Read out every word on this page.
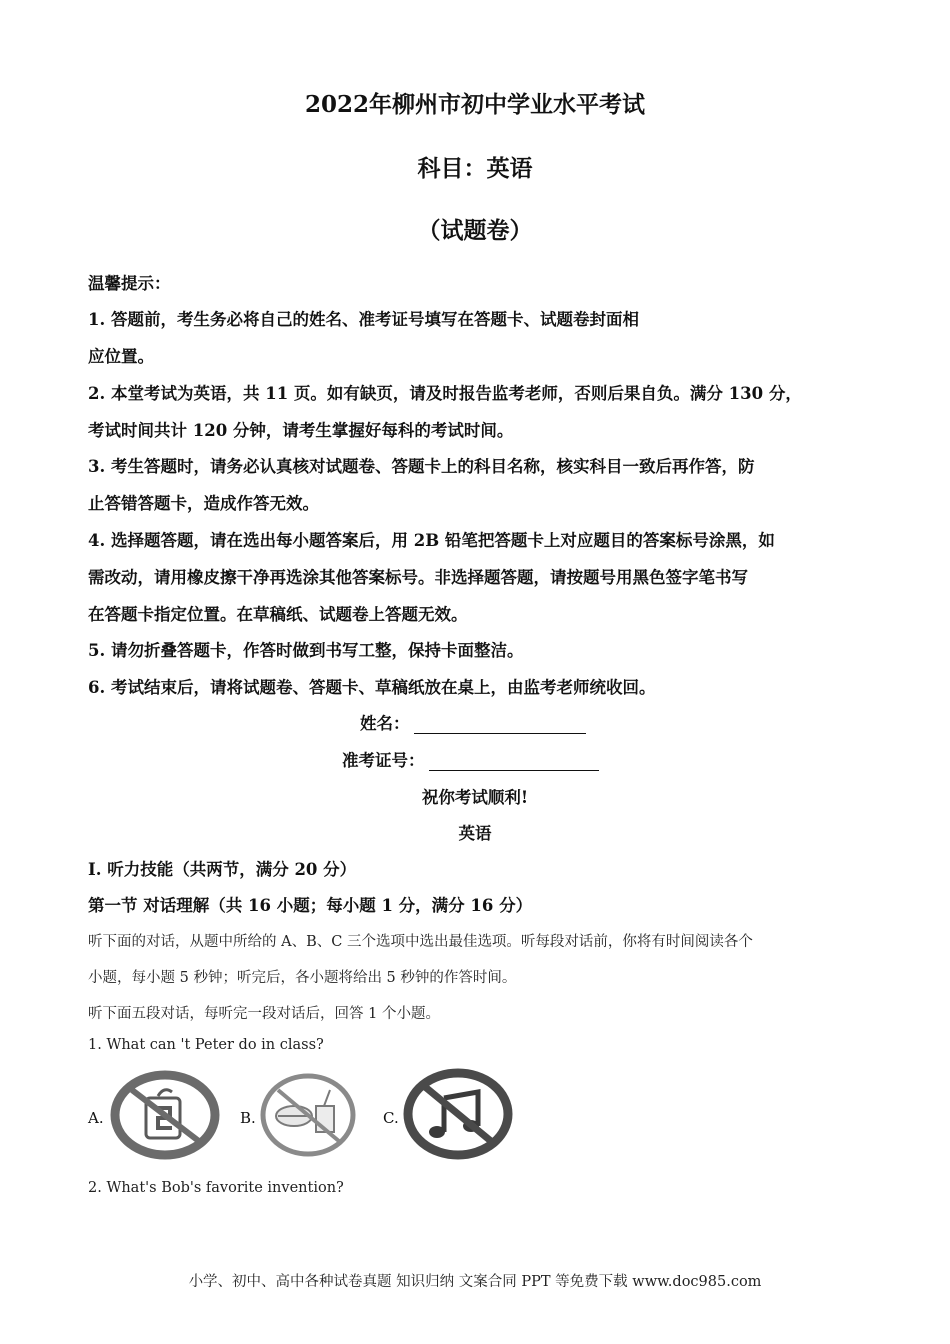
2022年柳州市初中学业水平考试
科目：英语
（试题卷）
温馨提示：
1. 答题前，考生务必将自己的姓名、准考证号填写在答题卡、试题卷封面相
应位置。
2. 本堂考试为英语，共 11 页。如有缺页，请及时报告监考老师，否则后果自负。满分 130 分，
考试时间共计 120 分钟，请考生掌握好每科的考试时间。
3. 考生答题时，请务必认真核对试题卷、答题卡上的科目名称，核实科目一致后再作答，防
止答错答题卡，造成作答无效。
4. 选择题答题，请在选出每小题答案后，用 2B 铅笔把答题卡上对应题目的答案标号涂黑，如
需改动，请用橡皮擦干净再选涂其他答案标号。非选择题答题，请按题号用黑色签字笔书写
在答题卡指定位置。在草稿纸、试题卷上答题无效。
5. 请勿折叠答题卡，作答时做到书写工整，保持卡面整洁。
6. 考试结束后，请将试题卷、答题卡、草稿纸放在桌上，由监考老师统收回。
姓名：
准考证号：
祝你考试顺利!
英语
I. 听力技能（共两节，满分 20 分）
第一节 对话理解（共 16 小题；每小题 1 分，满分 16 分）
听下面的对话，从题中所给的 A、B、C 三个选项中选出最佳选项。听每段对话前，你将有时间阅读各个
小题，每小题 5 秒钟；听完后，各小题将给出 5 秒钟的作答时间。
听下面五段对话，每听完一段对话后，回答 1 个小题。
1. What can 't Peter do in class?
A.	B.	C.
2. What's Bob's favorite invention?
小学、初中、高中各种试卷真题 知识归纳 文案合同 PPT 等免费下载 www.doc985.com
